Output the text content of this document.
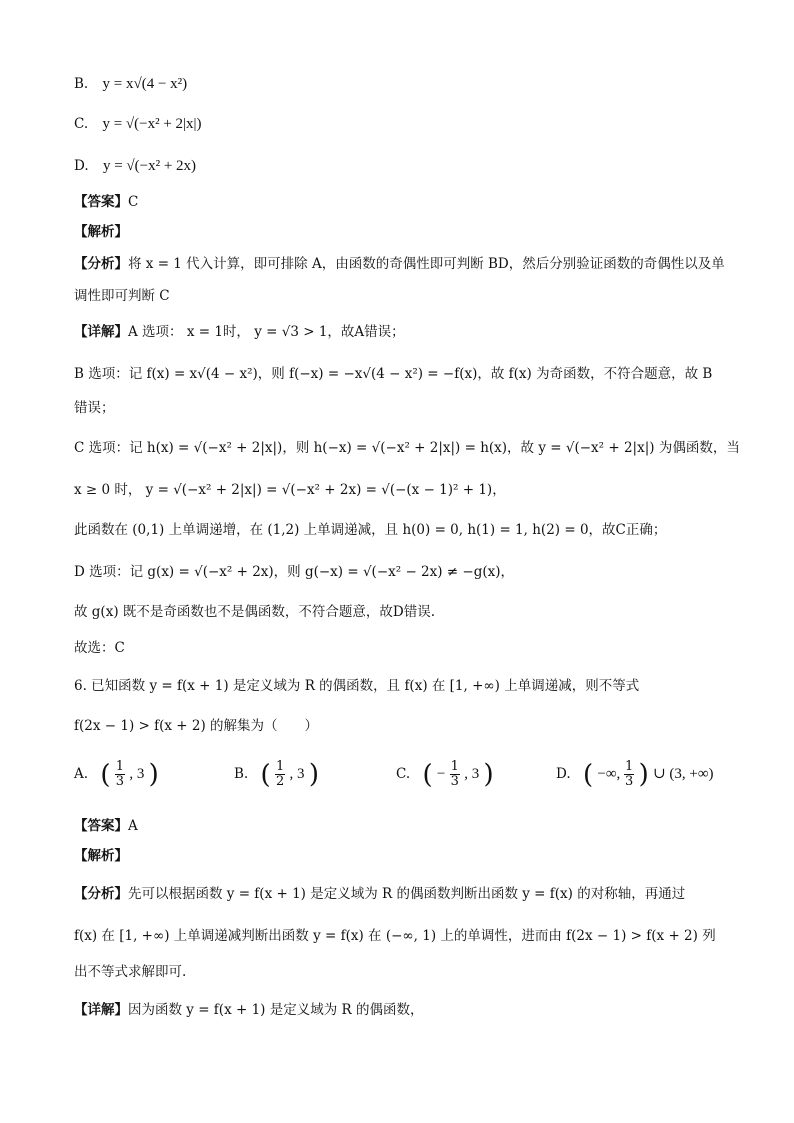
B. y = x√(4 − x²)
C. y = √(−x² + 2|x|)
D. y = √(−x² + 2x)
【答案】C
【解析】
【分析】将 x = 1 代入计算，即可排除 A，由函数的奇偶性即可判断 BD，然后分别验证函数的奇偶性以及单
调性即可判断 C
【详解】A 选项： x = 1时， y = √3 > 1，故A错误；
B 选项：记 f(x) = x√(4 − x²)，则 f(−x) = −x√(4 − x²) = −f(x)，故 f(x) 为奇函数，不符合题意，故 B
错误；
C 选项：记 h(x) = √(−x² + 2|x|)，则 h(−x) = √(−x² + 2|x|) = h(x)，故 y = √(−x² + 2|x|) 为偶函数，当
x ≥ 0 时， y = √(−x² + 2|x|) = √(−x² + 2x) = √(−(x − 1)² + 1)，
此函数在 (0,1) 上单调递增，在 (1,2) 上单调递减，且 h(0) = 0, h(1) = 1, h(2) = 0，故C正确；
D 选项：记 g(x) = √(−x² + 2x)，则 g(−x) = √(−x² − 2x) ≠ −g(x)，
故 g(x) 既不是奇函数也不是偶函数，不符合题意，故D错误.
故选：C
6. 已知函数 y = f(x + 1) 是定义域为 R 的偶函数，且 f(x) 在 [1, +∞) 上单调递减，则不等式
f(2x − 1) > f(x + 2) 的解集为（　　）
A. ( $\frac{1}{3}$ , 3 )	B. ( $\frac{1}{2}$ , 3 )	C. ( − $\frac{1}{3}$ , 3 )	D. ( −∞, $\frac{1}{3}$ ) ∪ (3, +∞)
【答案】A
【解析】
【分析】先可以根据函数 y = f(x + 1) 是定义域为 R 的偶函数判断出函数 y = f(x) 的对称轴，再通过
f(x) 在 [1, +∞) 上单调递减判断出函数 y = f(x) 在 (−∞, 1) 上的单调性，进而由 f(2x − 1) > f(x + 2) 列
出不等式求解即可.
【详解】因为函数 y = f(x + 1) 是定义域为 R 的偶函数，
